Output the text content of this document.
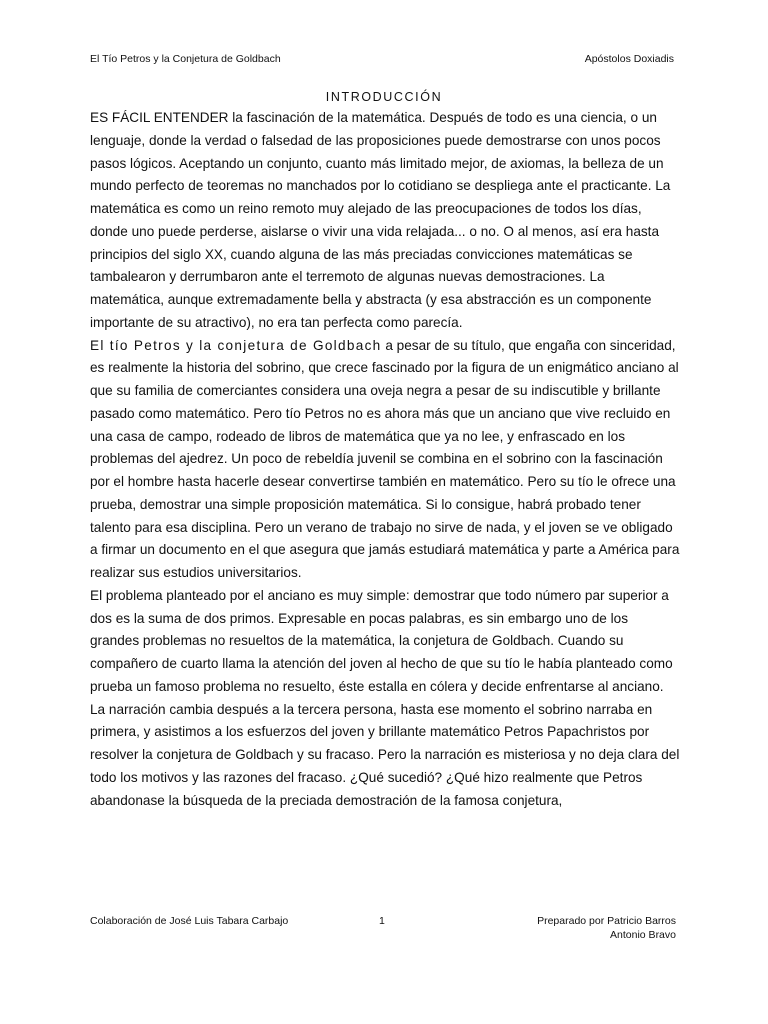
El Tío Petros y la Conjetura de Goldbach	Apóstolos Doxiadis
INTRODUCCIÓN

ES FÁCIL ENTENDER la fascinación de la matemática. Después de todo es una ciencia, o un lenguaje, donde la verdad o falsedad de las proposiciones puede demostrarse con unos pocos pasos lógicos. Aceptando un conjunto, cuanto más limitado mejor, de axiomas, la belleza de un mundo perfecto de teoremas no manchados por lo cotidiano se despliega ante el practicante. La matemática es como un reino remoto muy alejado de las preocupaciones de todos los días, donde uno puede perderse, aislarse o vivir una vida relajada... o no. O al menos, así era hasta principios del siglo XX, cuando alguna de las más preciadas convicciones matemáticas se tambalearon y derrumbaron ante el terremoto de algunas nuevas demostraciones. La matemática, aunque extremadamente bella y abstracta (y esa abstracción es un componente importante de su atractivo), no era tan perfecta como parecía.

El tío Petros y la conjetura de Goldbach a pesar de su título, que engaña con sinceridad, es realmente la historia del sobrino, que crece fascinado por la figura de un enigmático anciano al que su familia de comerciantes considera una oveja negra a pesar de su indiscutible y brillante pasado como matemático. Pero tío Petros no es ahora más que un anciano que vive recluido en una casa de campo, rodeado de libros de matemática que ya no lee, y enfrascado en los problemas del ajedrez. Un poco de rebeldía juvenil se combina en el sobrino con la fascinación por el hombre hasta hacerle desear convertirse también en matemático. Pero su tío le ofrece una prueba, demostrar una simple proposición matemática. Si lo consigue, habrá probado tener talento para esa disciplina. Pero un verano de trabajo no sirve de nada, y el joven se ve obligado a firmar un documento en el que asegura que jamás estudiará matemática y parte a América para realizar sus estudios universitarios.

El problema planteado por el anciano es muy simple: demostrar que todo número par superior a dos es la suma de dos primos. Expresable en pocas palabras, es sin embargo uno de los grandes problemas no resueltos de la matemática, la conjetura de Goldbach. Cuando su compañero de cuarto llama la atención del joven al hecho de que su tío le había planteado como prueba un famoso problema no resuelto, éste estalla en cólera y decide enfrentarse al anciano.

La narración cambia después a la tercera persona, hasta ese momento el sobrino narraba en primera, y asistimos a los esfuerzos del joven y brillante matemático Petros Papachristos por resolver la conjetura de Goldbach y su fracaso. Pero la narración es misteriosa y no deja clara del todo los motivos y las razones del fracaso. ¿Qué sucedió? ¿Qué hizo realmente que Petros abandonase la búsqueda de la preciada demostración de la famosa conjetura,

Colaboración de José Luis Tabara Carbajo	1	Preparado por Patricio Barros
Antonio Bravo
